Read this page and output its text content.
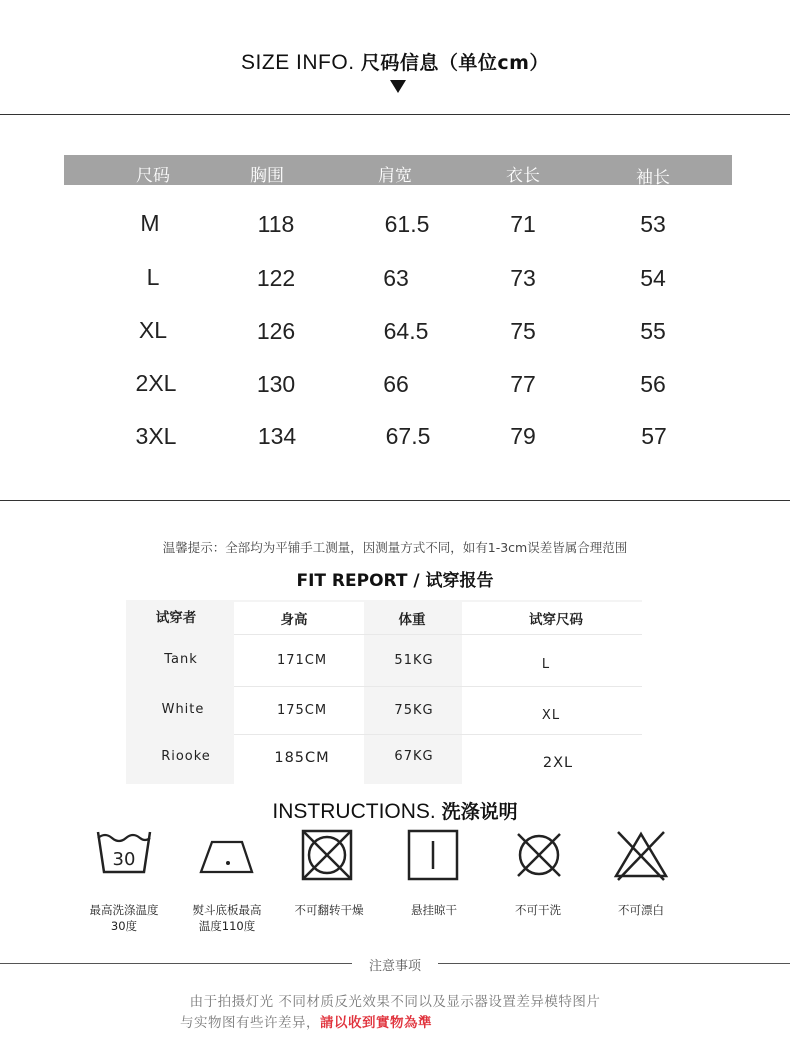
SIZE INFO. 尺码信息（单位cm）
尺码	胸围	肩宽	衣长	袖长
M	118	61.5	71	53
L	122	63	73	54
XL	126	64.5	75	55
2XL	130	66	77	56
3XL	134	67.5	79	57
温馨提示：全部均为平铺手工测量，因测量方式不同，如有1-3cm误差皆属合理范围
FIT REPORT / 试穿报告
试穿者	身高	体重	试穿尺码
Tank	171CM	51KG	L
White	175CM	75KG	XL
Riooke	185CM	67KG	2XL
INSTRUCTIONS. 洗涤说明
30
最高洗涤温度30度
熨斗底板最高温度110度
不可翻转干燥	悬挂晾干	不可干洗	不可漂白
注意事项
由于拍摄灯光 不同材质反光效果不同以及显示器设置差异模特图片
与实物图有些许差异，請以收到實物為準
